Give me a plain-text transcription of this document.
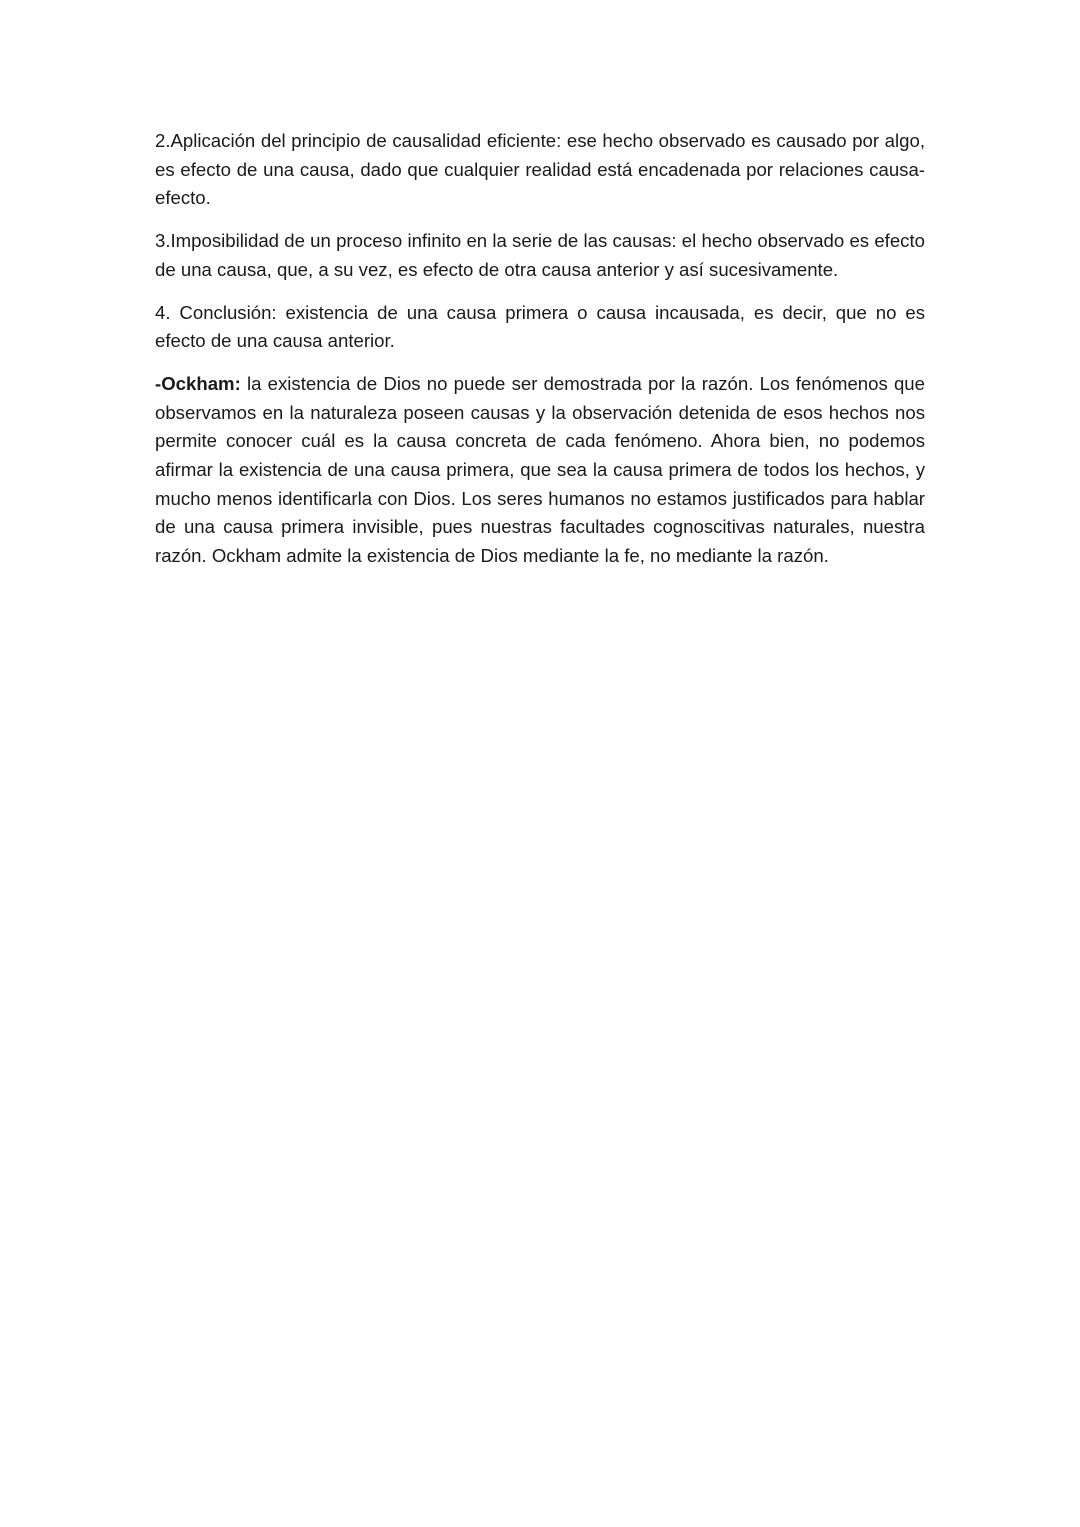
2.Aplicación del principio de causalidad eficiente: ese hecho observado es causado por algo, es efecto de una causa, dado que cualquier realidad está encadenada por relaciones causa-efecto.

3.Imposibilidad de un proceso infinito en la serie de las causas: el hecho observado es efecto de una causa, que, a su vez, es efecto de otra causa anterior y así sucesivamente.

4. Conclusión: existencia de una causa primera o causa incausada, es decir, que no es efecto de una causa anterior.

-Ockham: la existencia de Dios no puede ser demostrada por la razón. Los fenómenos que observamos en la naturaleza poseen causas y la observación detenida de esos hechos nos permite conocer cuál es la causa concreta de cada fenómeno. Ahora bien, no podemos afirmar la existencia de una causa primera, que sea la causa primera de todos los hechos, y mucho menos identificarla con Dios. Los seres humanos no estamos justificados para hablar de una causa primera invisible, pues nuestras facultades cognoscitivas naturales, nuestra razón. Ockham admite la existencia de Dios mediante la fe, no mediante la razón.
